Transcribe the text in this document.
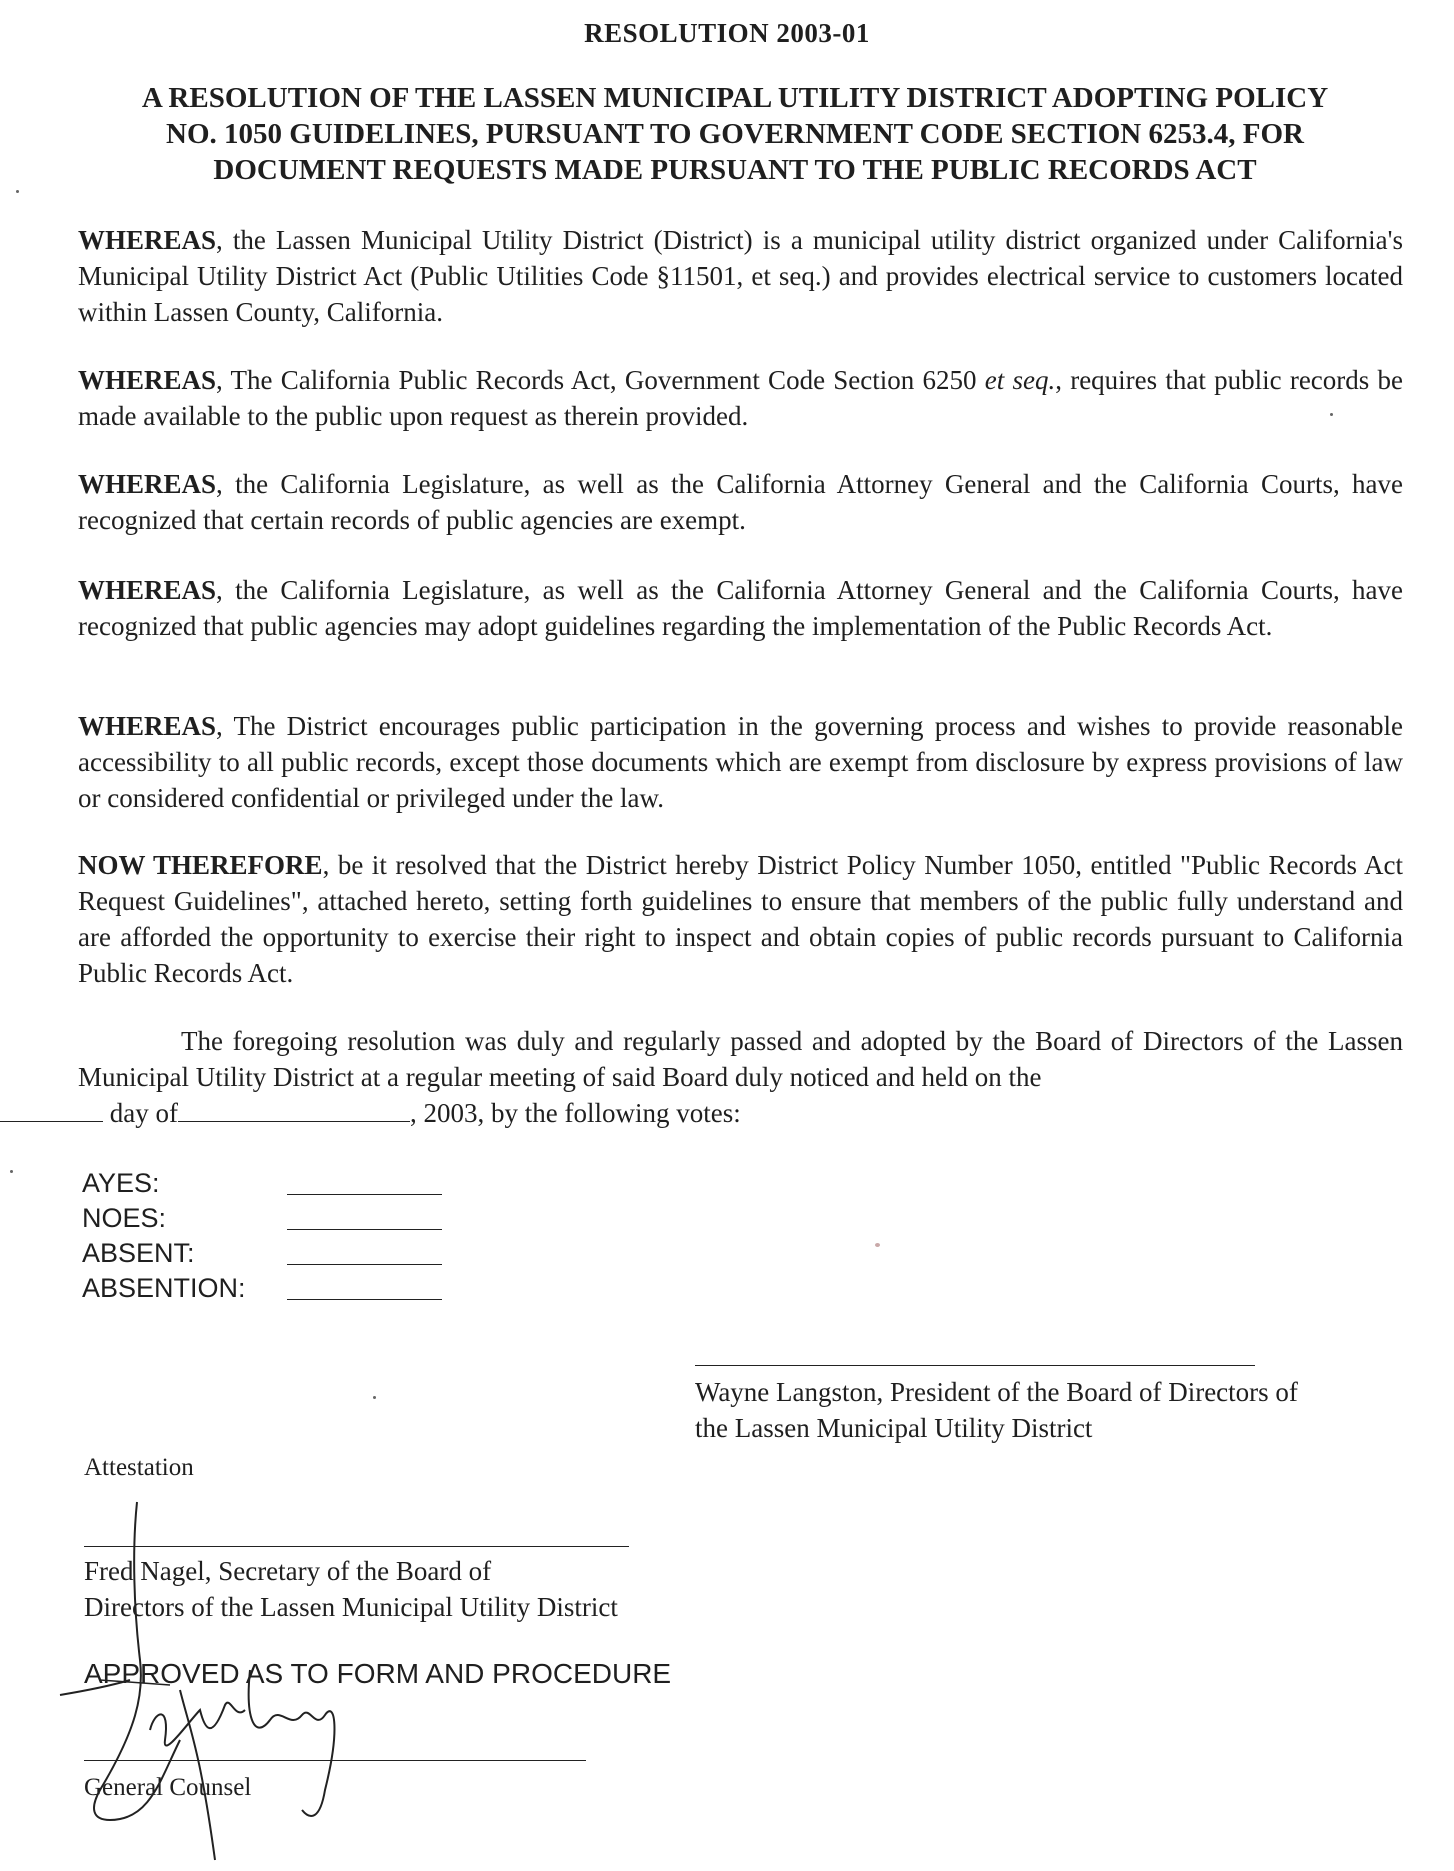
RESOLUTION 2003-01
A RESOLUTION OF THE LASSEN MUNICIPAL UTILITY DISTRICT ADOPTING POLICY
NO. 1050 GUIDELINES, PURSUANT TO GOVERNMENT CODE SECTION 6253.4, FOR
DOCUMENT REQUESTS MADE PURSUANT TO THE PUBLIC RECORDS ACT
WHEREAS, the Lassen Municipal Utility District (District) is a municipal utility district organized under California's Municipal Utility District Act (Public Utilities Code §11501, et seq.) and provides electrical service to customers located within Lassen County, California.
WHEREAS, The California Public Records Act, Government Code Section 6250 et seq., requires that public records be made available to the public upon request as therein provided.
WHEREAS, the California Legislature, as well as the California Attorney General and the California Courts, have recognized that certain records of public agencies are exempt.
WHEREAS, the California Legislature, as well as the California Attorney General and the California Courts, have recognized that public agencies may adopt guidelines regarding the implementation of the Public Records Act.
WHEREAS, The District encourages public participation in the governing process and wishes to provide reasonable accessibility to all public records, except those documents which are exempt from disclosure by express provisions of law or considered confidential or privileged under the law.
NOW THEREFORE, be it resolved that the District hereby District Policy Number 1050, entitled "Public Records Act Request Guidelines", attached hereto, setting forth guidelines to ensure that members of the public fully understand and are afforded the opportunity to exercise their right to inspect and obtain copies of public records pursuant to California Public Records Act.
The foregoing resolution was duly and regularly passed and adopted by the Board of Directors of the Lassen Municipal Utility District at a regular meeting of said Board duly noticed and held on the
day of	, 2003, by the following votes:
AYES:
NOES:
ABSENT:
ABSENTION:
Wayne Langston, President of the Board of Directors of
the Lassen Municipal Utility District
Attestation
Fred Nagel, Secretary of the Board of
Directors of the Lassen Municipal Utility District
APPROVED AS TO FORM AND PROCEDURE
General Counsel
